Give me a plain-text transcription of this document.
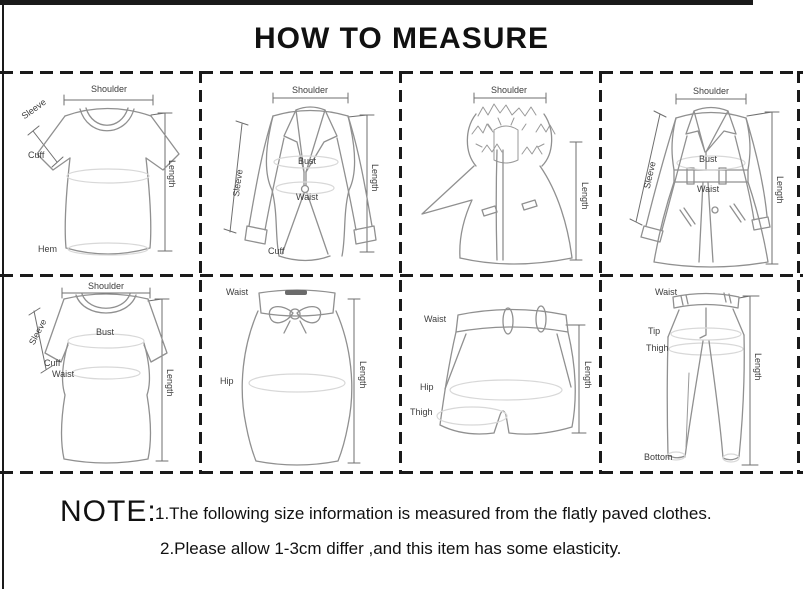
HOW TO MEASURE
Shoulder
Sleeve
Cuff
Hem
Length
Shoulder
Sleeve
Bust
Waist
Cuff
Length
Shoulder
Length
Shoulder
Sleeve
Bust
Waist	Length
Shoulder
Sleeve
Cuff
Waist
Bust
Length
Waist
Hip	Length
Waist
Hip
Thigh
Length
Waist
Tip
Thigh
Bottom
Length
NOTE:
1.The following size information is measured from the flatly paved clothes.
2.Please allow 1-3cm differ ,and this item has some elasticity.
